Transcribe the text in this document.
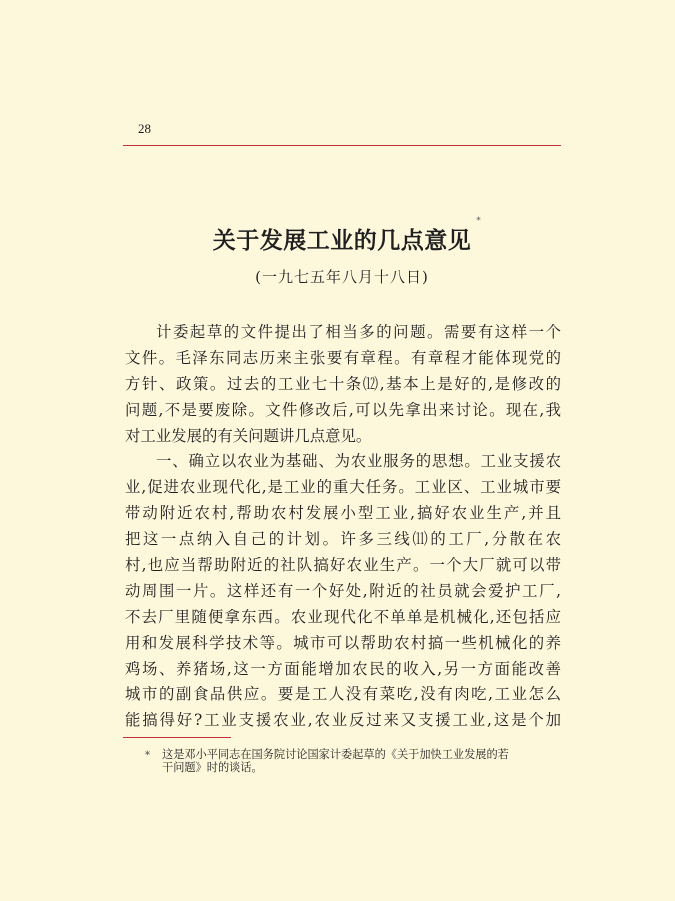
28
关于发展工业的几点意见
*
(一九七五年八月十八日)
计委起草的文件提出了相当多的问题。需要有这样一个
文件。毛泽东同志历来主张要有章程。有章程才能体现党的
方针、政策。过去的工业七十条⑿,基本上是好的,是修改的
问题,不是要废除。文件修改后,可以先拿出来讨论。现在,我
对工业发展的有关问题讲几点意见。
一、确立以农业为基础、为农业服务的思想。工业支援农
业,促进农业现代化,是工业的重大任务。工业区、工业城市要
带动附近农村,帮助农村发展小型工业,搞好农业生产,并且
把这一点纳入自己的计划。许多三线⑾的工厂,分散在农
村,也应当帮助附近的社队搞好农业生产。一个大厂就可以带
动周围一片。这样还有一个好处,附近的社员就会爱护工厂,
不去厂里随便拿东西。农业现代化不单单是机械化,还包括应
用和发展科学技术等。城市可以帮助农村搞一些机械化的养
鸡场、养猪场,这一方面能增加农民的收入,另一方面能改善
城市的副食品供应。要是工人没有菜吃,没有肉吃,工业怎么
能搞得好?工业支援农业,农业反过来又支援工业,这是个加
* 这是邓小平同志在国务院讨论国家计委起草的《关于加快工业发展的若
干问题》时的谈话。
